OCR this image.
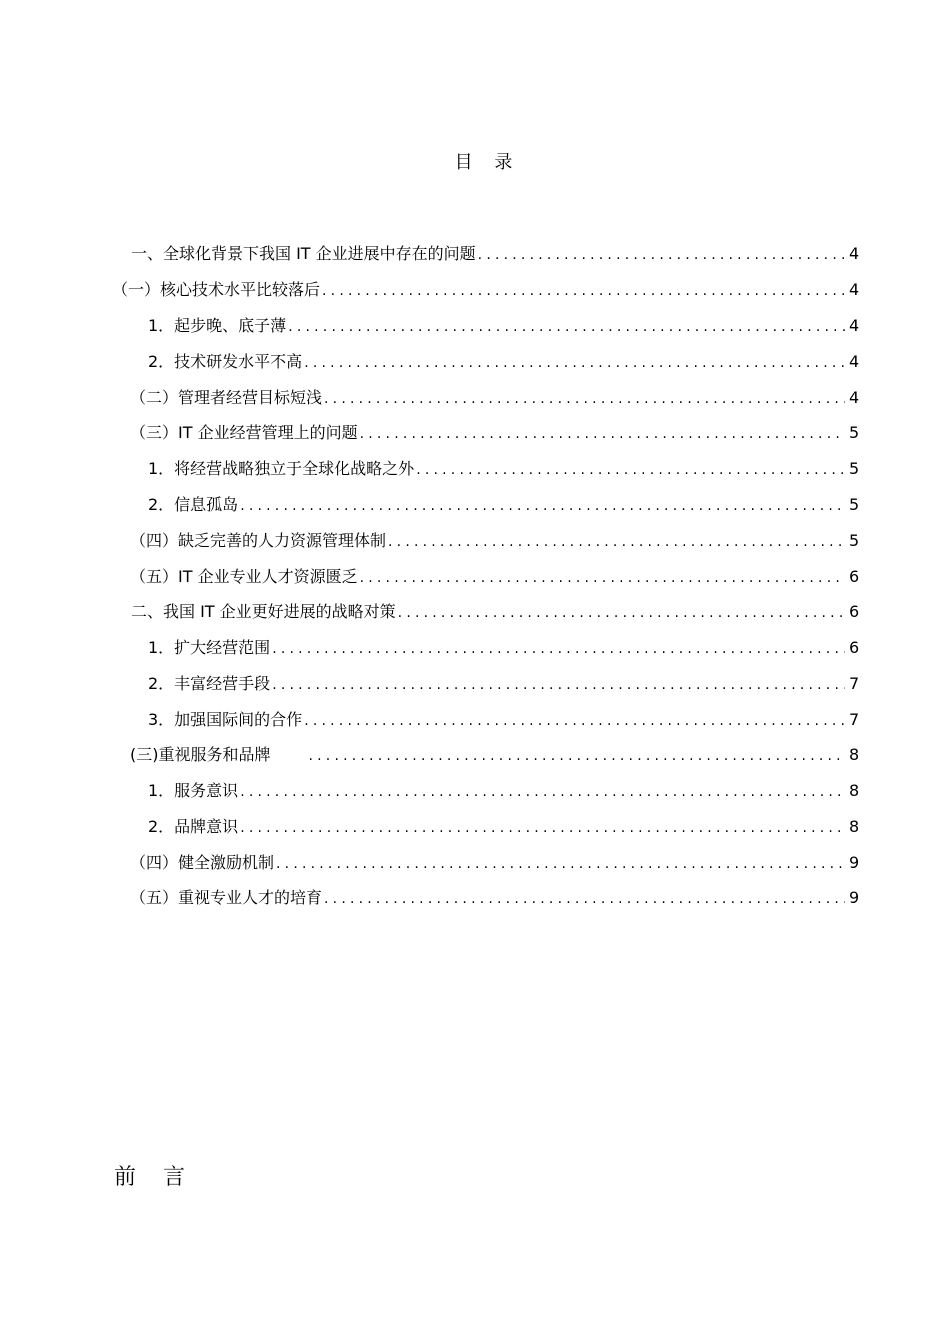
目 录
一、全球化背景下我国 IT 企业进展中存在的问题 .....	4
（一）核心技术水平比较落后 .....	4
1．起步晚、底子薄 .....	4
2．技术研发水平不高 .....	4
（二）管理者经营目标短浅 .....	4
（三）IT 企业经营管理上的问题 .....	5
1．将经营战略独立于全球化战略之外 .....	5
2．信息孤岛 .....	5
（四）缺乏完善的人力资源管理体制 .....	5
（五）IT 企业专业人才资源匮乏 .....	6
二、我国 IT 企业更好进展的战略对策 .....	6
1．扩大经营范围 .....	6
2．丰富经营手段 .....	7
3．加强国际间的合作 .....	7
(三)重视服务和品牌 .....	8
1．服务意识 .....	8
2．品牌意识 .....	8
（四）健全激励机制 .....	9
（五）重视专业人才的培育 .....	9
前 言
